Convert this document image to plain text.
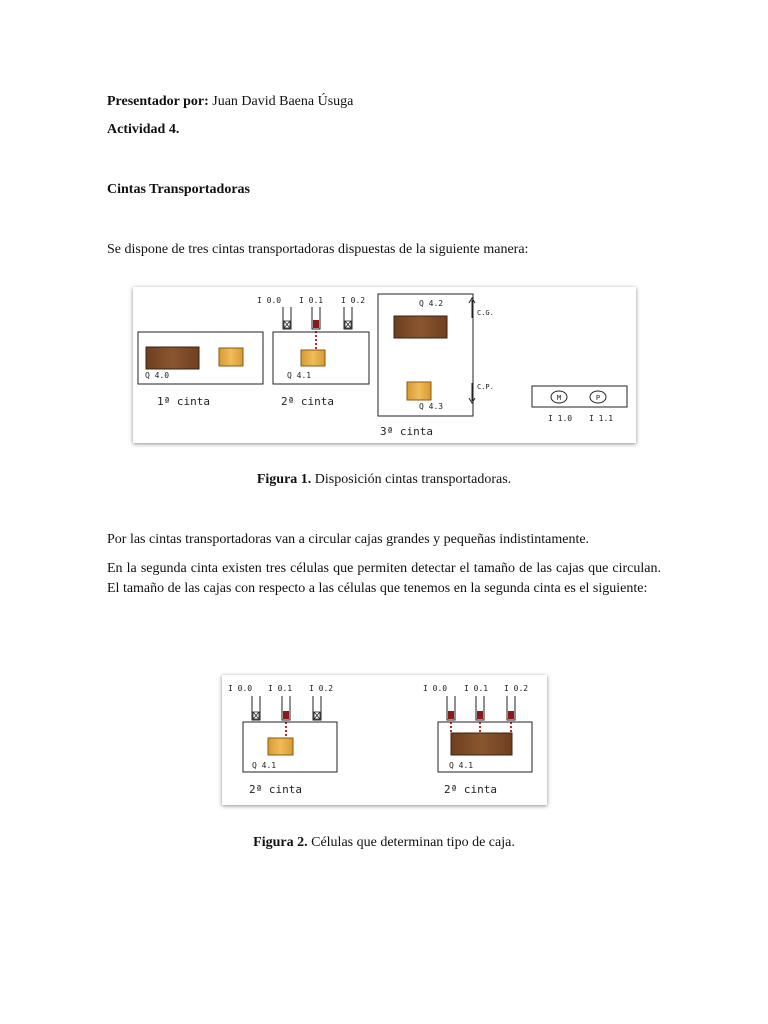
Presentador por: Juan David Baena Úsuga
Actividad 4.
Cintas Transportadoras
Se dispone de tres cintas transportadoras dispuestas de la siguiente manera:
Q 4.0
1ª cinta
I 0.0 I 0.1 I 0.2
Q 4.1
2ª cinta
Q 4.2
Q 4.3
3ª cinta
C.G.
C.P.
M	P
I 1.0 I 1.1
Figura 1. Disposición cintas transportadoras.
Por las cintas transportadoras van a circular cajas grandes y pequeñas indistintamente.
En la segunda cinta existen tres células que permiten detectar el tamaño de las cajas que circulan. El tamaño de las cajas con respecto a las células que tenemos en la segunda cinta es el siguiente:
I 0.0 I 0.1 I 0.2
Q 4.1
2ª cinta
I 0.0 I 0.1 I 0.2
Q 4.1
2ª cinta
Figura 2. Células que determinan tipo de caja.
